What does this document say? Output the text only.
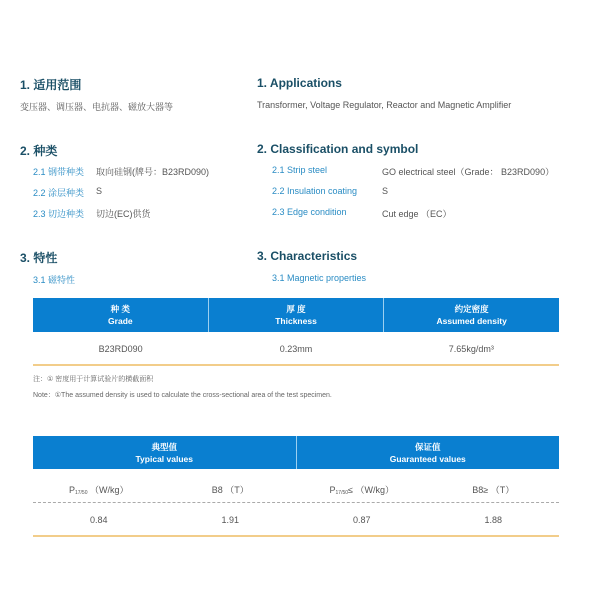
1. 适用范围
变压器、调压器、电抗器、磁放大器等
1. Applications
Transformer, Voltage Regulator, Reactor and Magnetic Amplifier
2. 种类	2. Classification and symbol
2.1 钢带种类 取向硅钢(牌号：B23RD090)
2.2 涂层种类 S
2.3 切边种类 切边(EC)供货
2.1 Strip steel	GO electrical steel（Grade： B23RD090）
2.2 Insulation coating	S
2.3 Edge condition	Cut edge （EC）
3. 特性	3. Characteristics
3.1 磁特性	3.1 Magnetic properties
种 类
Grade
厚 度
Thickness
约定密度
Assumed density
B23RD090	0.23mm	7.65kg/dm³
注：① 密度用于计算试验片的横截面积
Note：①The assumed density is used to calculate the cross-sectional area of the test specimen.
典型值
Typical values
保证值
Guaranteed values
$P_{17/50}$ （W/kg）	B8 （T）	$P_{17/50}\le (W/kg)$	B8≥ （T）
0.84	1.91	0.87	1.88
